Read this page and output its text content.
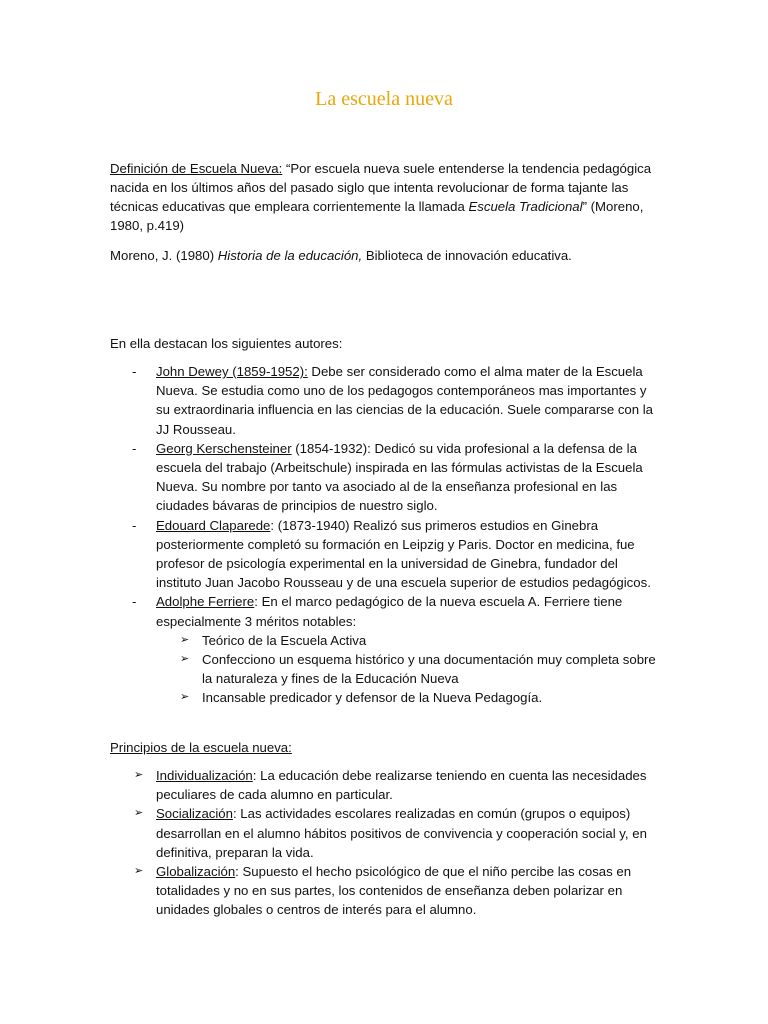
La escuela nueva

Definición de Escuela Nueva: “Por escuela nueva suele entenderse la tendencia pedagógica nacida en los últimos años del pasado siglo que intenta revolucionar de forma tajante las técnicas educativas que empleara corrientemente la llamada Escuela Tradicional” (Moreno, 1980, p.419)

Moreno, J. (1980) Historia de la educación, Biblioteca de innovación educativa.

En ella destacan los siguientes autores:

- John Dewey (1859-1952): Debe ser considerado como el alma mater de la Escuela Nueva. Se estudia como uno de los pedagogos contemporáneos mas importantes y su extraordinaria influencia en las ciencias de la educación. Suele compararse con la JJ Rousseau.
- Georg Kerschensteiner (1854-1932): Dedicó su vida profesional a la defensa de la escuela del trabajo (Arbeitschule) inspirada en las fórmulas activistas de la Escuela Nueva. Su nombre por tanto va asociado al de la enseñanza profesional en las ciudades bávaras de principios de nuestro siglo.
- Edouard Claparede: (1873-1940) Realizó sus primeros estudios en Ginebra posteriormente completó su formación en Leipzig y Paris. Doctor en medicina, fue profesor de psicología experimental en la universidad de Ginebra, fundador del instituto Juan Jacobo Rousseau y de una escuela superior de estudios pedagógicos.
- Adolphe Ferriere: En el marco pedagógico de la nueva escuela A. Ferriere tiene especialmente 3 méritos notables:
➢ Teórico de la Escuela Activa
➢ Confecciono un esquema histórico y una documentación muy completa sobre la naturaleza y fines de la Educación Nueva
➢ Incansable predicador y defensor de la Nueva Pedagogía.

Principios de la escuela nueva:

➢ Individualización: La educación debe realizarse teniendo en cuenta las necesidades peculiares de cada alumno en particular.
➢ Socialización: Las actividades escolares realizadas en común (grupos o equipos) desarrollan en el alumno hábitos positivos de convivencia y cooperación social y, en definitiva, preparan la vida.
➢ Globalización: Supuesto el hecho psicológico de que el niño percibe las cosas en totalidades y no en sus partes, los contenidos de enseñanza deben polarizar en unidades globales o centros de interés para el alumno.
